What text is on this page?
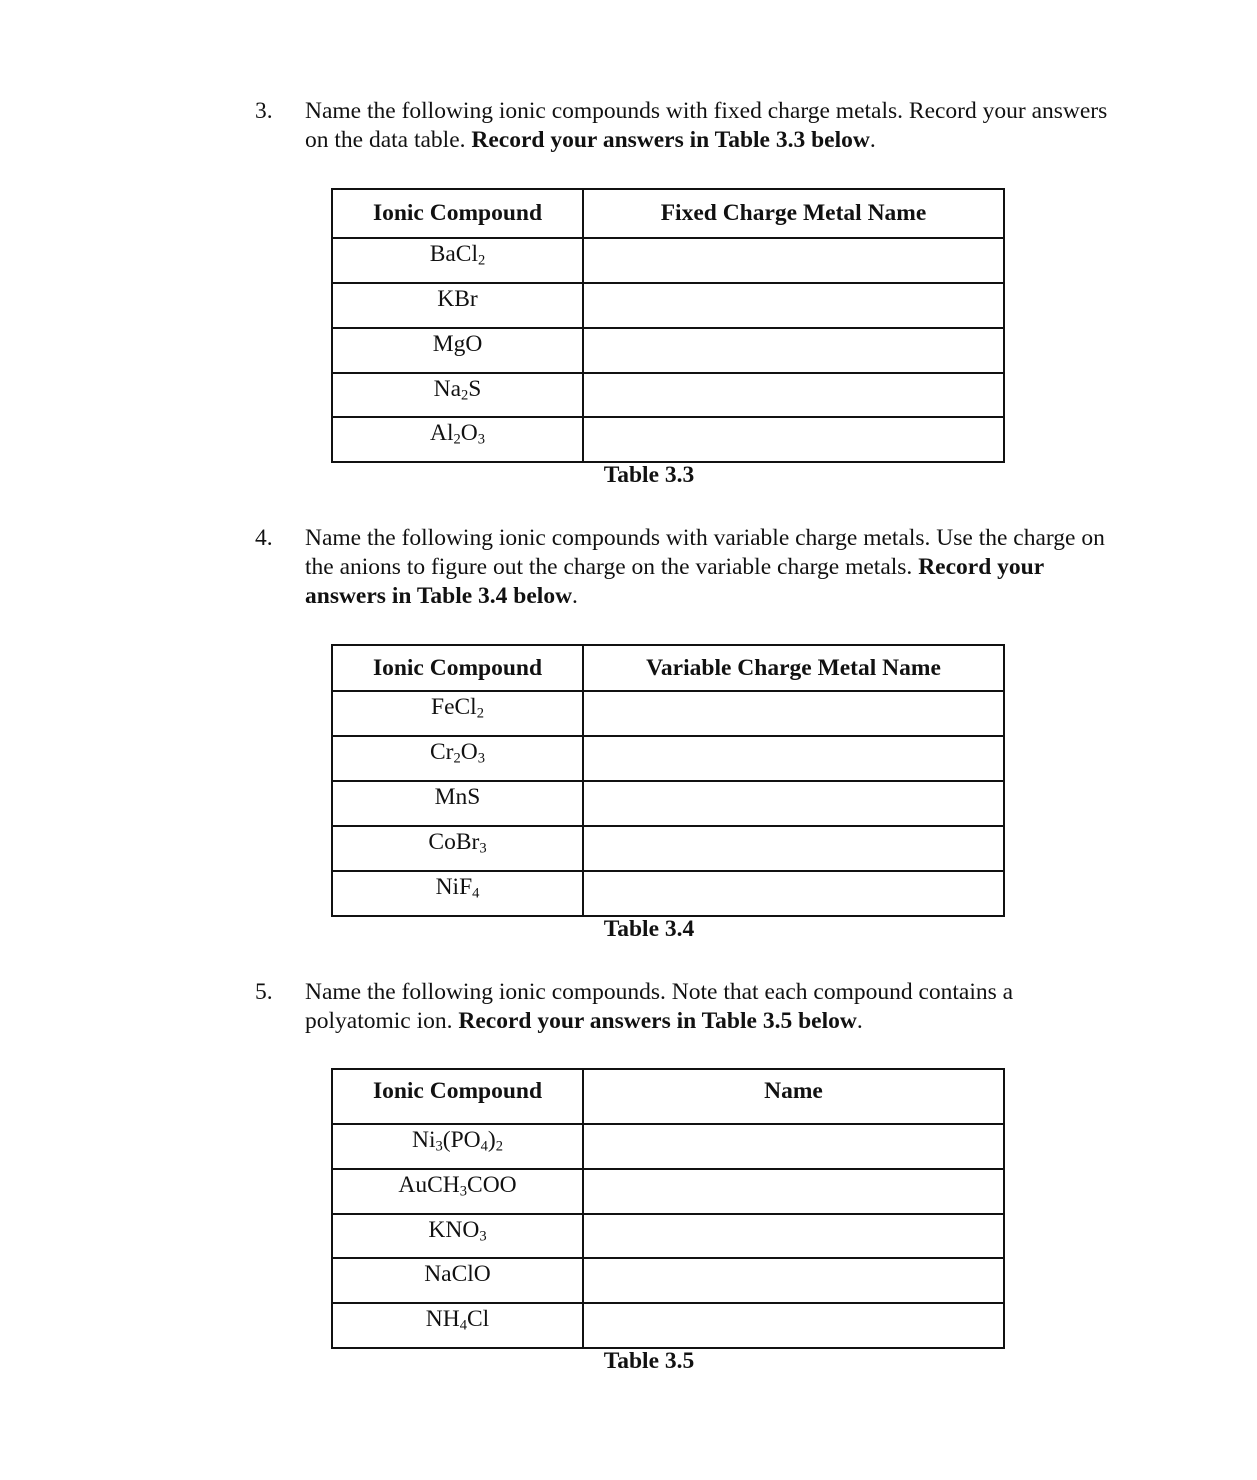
3. Name the following ionic compounds with fixed charge metals. Record your answers on the data table. Record your answers in Table 3.3 below.
Ionic Compound	Fixed Charge Metal Name
BaCl$_2$	
KBr	
MgO	
$Na_2S$	
$Al_2O_3$	
Table 3.3
4. Name the following ionic compounds with variable charge metals. Use the charge on the anions to figure out the charge on the variable charge metals. Record your answers in Table 3.4 below.
Ionic Compound	Variable Charge Metal Name
FeCl$_2$	
$Cr_2O_3$	
MnS	
CoBr$_3$	
NiF$_4$	
Table 3.4
5. Name the following ionic compounds. Note that each compound contains a polyatomic ion. Record your answers in Table 3.5 below.
Ionic Compound	Name
$Ni_3(PO_4)_2$	
AuCH$_3$COO	
$KNO_3$	
NaClO	
$NH_4Cl$	
Table 3.5
